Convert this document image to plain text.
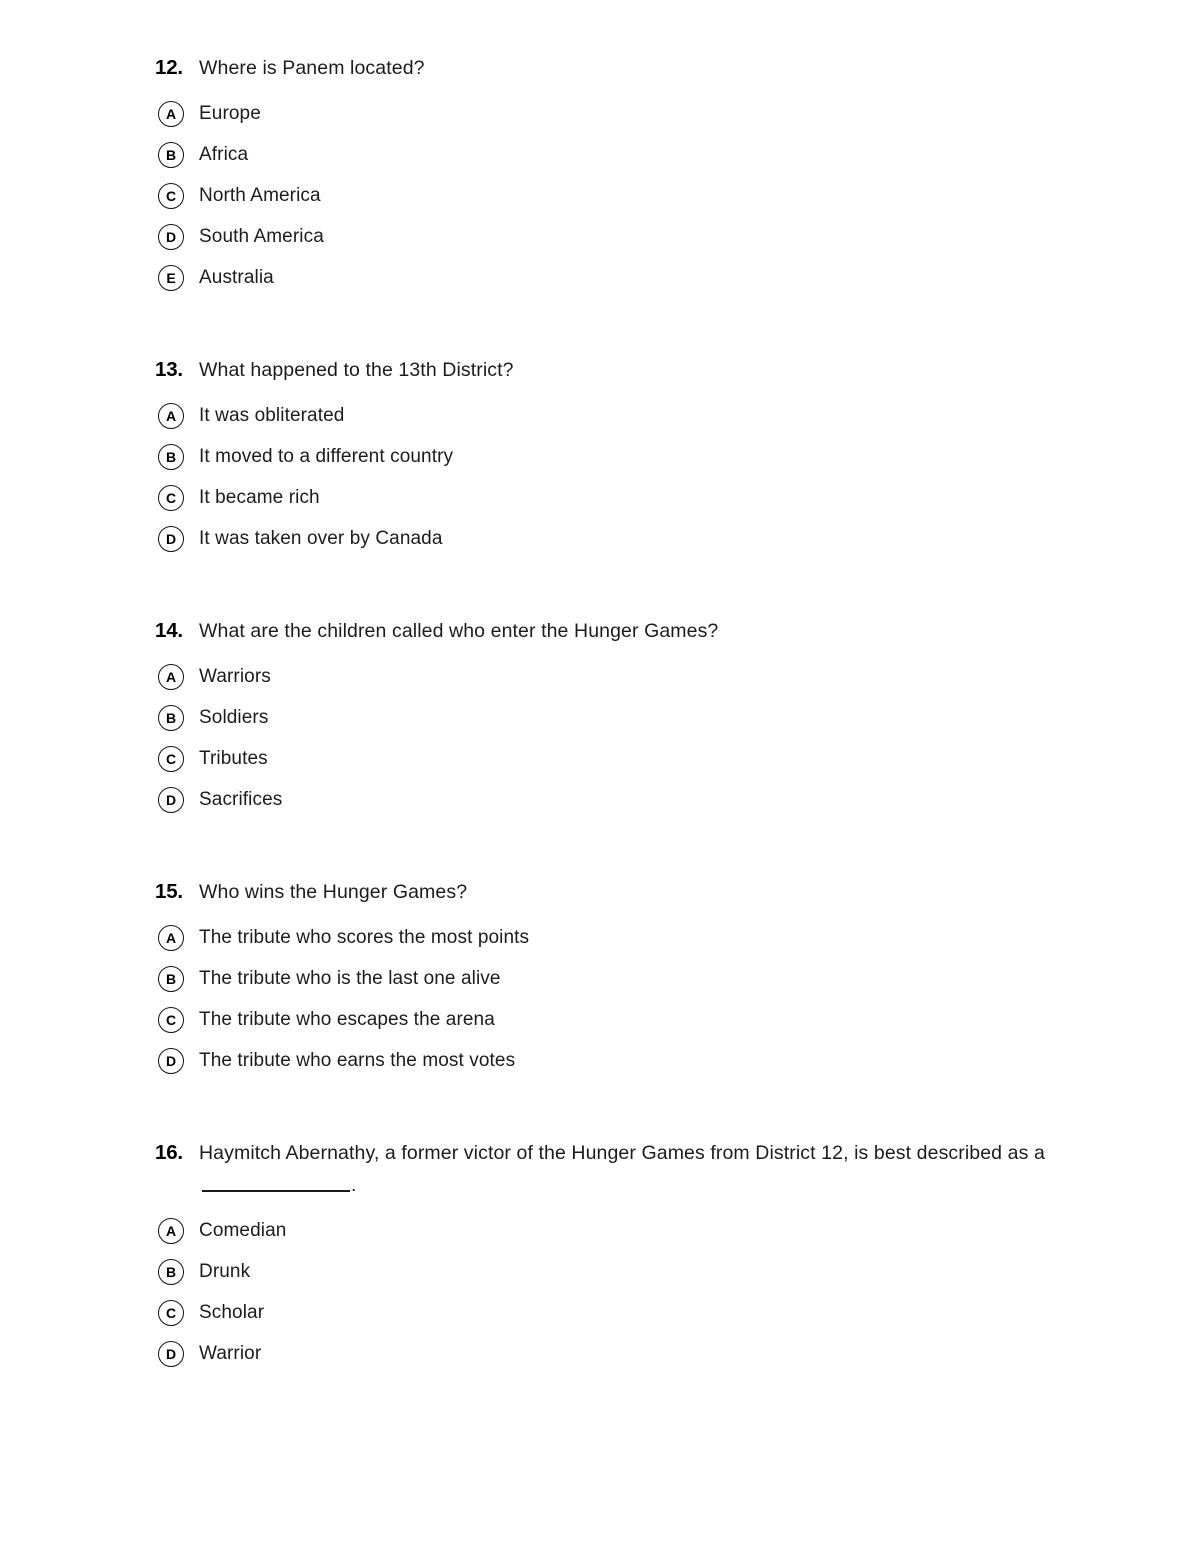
12. Where is Panem located?
A	Europe
B	Africa
C	North America
D	South America
E	Australia
13. What happened to the 13th District?
A	It was obliterated
B	It moved to a different country
C	It became rich
D	It was taken over by Canada
14. What are the children called who enter the Hunger Games?
A	Warriors
B	Soldiers
C	Tributes
D	Sacrifices
15. Who wins the Hunger Games?
A	The tribute who scores the most points
B	The tribute who is the last one alive
C	The tribute who escapes the arena
D	The tribute who earns the most votes
16. Haymitch Abernathy, a former victor of the Hunger Games from District 12, is best described as a .
A	Comedian
B	Drunk
C	Scholar
D	Warrior
